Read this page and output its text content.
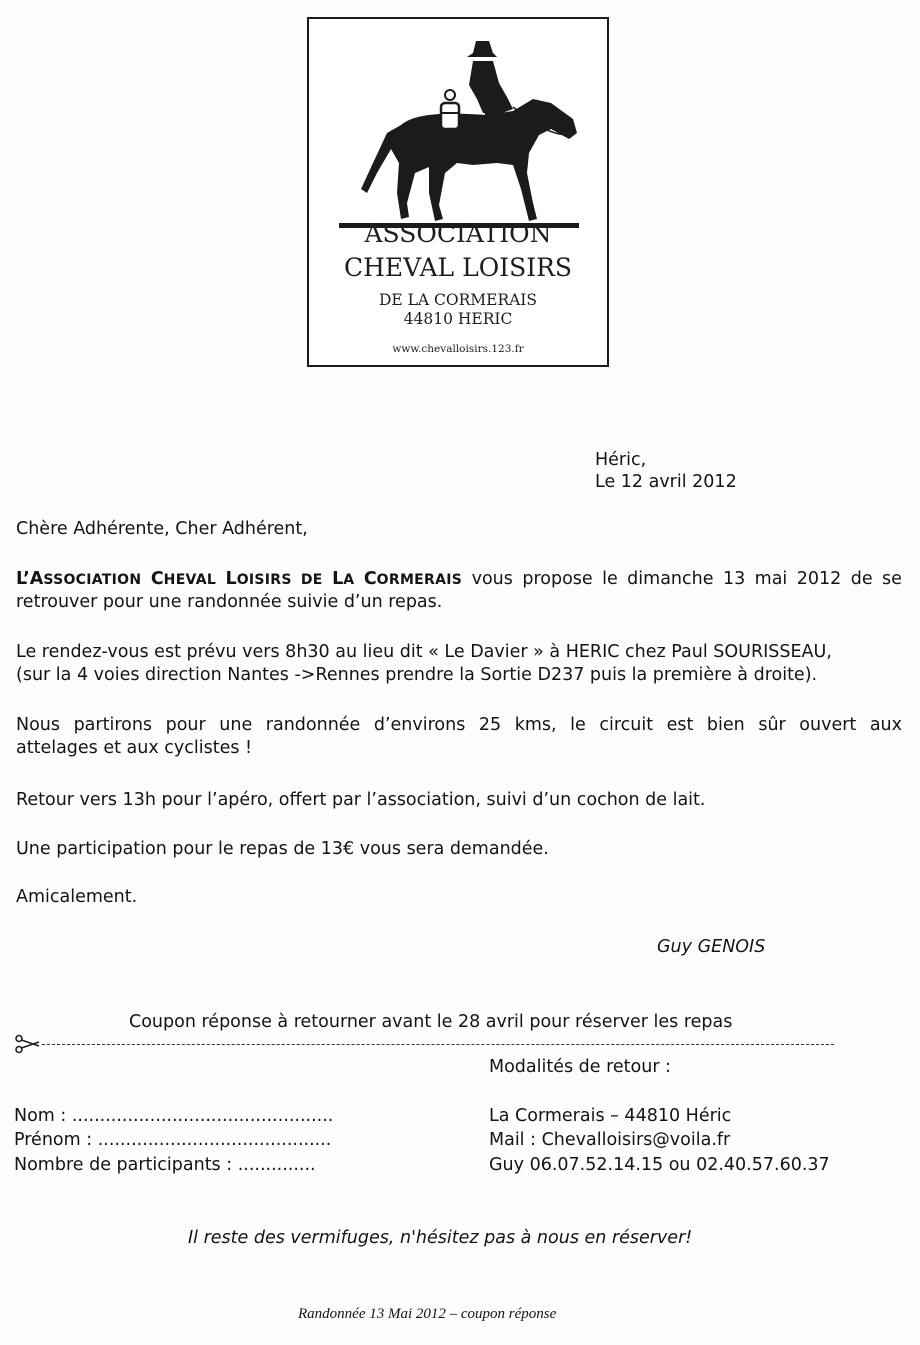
ASSOCIATION
CHEVAL LOISIRS
DE LA CORMERAIS
44810 HERIC
www.chevalloisirs.123.fr
Héric,
Le 12 avril 2012
Chère Adhérente, Cher Adhérent,
L’ASSOCIATION CHEVAL LOISIRS DE LA CORMERAIS vous propose le dimanche 13 mai 2012 de se
retrouver pour une randonnée suivie d’un repas.
Le rendez-vous est prévu vers 8h30 au lieu dit « Le Davier » à HERIC chez Paul SOURISSEAU,
(sur la 4 voies direction Nantes ->Rennes prendre la Sortie D237 puis la première à droite).
Nous partirons pour une randonnée d’environs 25 kms, le circuit est bien sûr ouvert aux
attelages et aux cyclistes !
Retour vers 13h pour l’apéro, offert par l’association, suivi d’un cochon de lait.
Une participation pour le repas de 13€ vous sera demandée.
Amicalement.
Guy GENOIS
Coupon réponse à retourner avant le 28 avril pour réserver les repas
Modalités de retour :
Nom : ...............................................
Prénom : ..........................................
Nombre de participants : ..............
La Cormerais – 44810 Héric
Mail : Chevalloisirs@voila.fr
Guy 06.07.52.14.15 ou 02.40.57.60.37
Il reste des vermifuges, n'hésitez pas à nous en réserver!
Randonnée 13 Mai 2012 – coupon réponse
